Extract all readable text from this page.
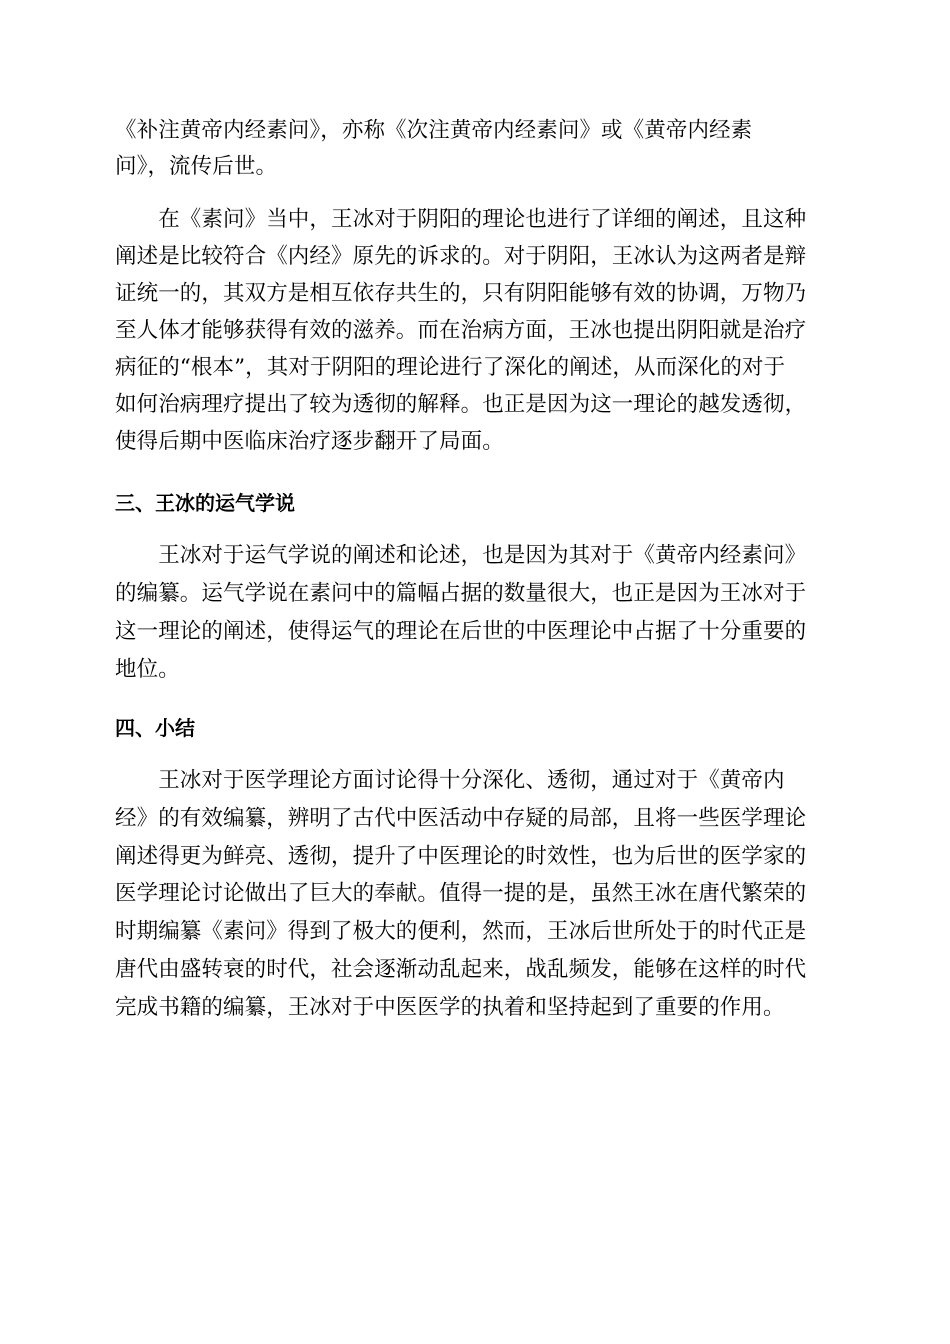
《补注黄帝内经素问》，亦称《次注黄帝内经素问》或《黄帝内经素
问》，流传后世。
　　在《素问》当中，王冰对于阴阳的理论也进行了详细的阐述，且这种
阐述是比较符合《内经》原先的诉求的。对于阴阳，王冰认为这两者是辩
证统一的，其双方是相互依存共生的，只有阴阳能够有效的协调，万物乃
至人体才能够获得有效的滋养。而在治病方面，王冰也提出阴阳就是治疗
病征的“根本”，其对于阴阳的理论进行了深化的阐述，从而深化的对于
如何治病理疗提出了较为透彻的解释。也正是因为这一理论的越发透彻，
使得后期中医临床治疗逐步翻开了局面。
三、王冰的运气学说
　　王冰对于运气学说的阐述和论述，也是因为其对于《黄帝内经素问》
的编纂。运气学说在素问中的篇幅占据的数量很大，也正是因为王冰对于
这一理论的阐述，使得运气的理论在后世的中医理论中占据了十分重要的
地位。
四、小结
　　王冰对于医学理论方面讨论得十分深化、透彻，通过对于《黄帝内
经》的有效编纂，辨明了古代中医活动中存疑的局部，且将一些医学理论
阐述得更为鲜亮、透彻，提升了中医理论的时效性，也为后世的医学家的
医学理论讨论做出了巨大的奉献。值得一提的是，虽然王冰在唐代繁荣的
时期编纂《素问》得到了极大的便利，然而，王冰后世所处于的时代正是
唐代由盛转衰的时代，社会逐渐动乱起来，战乱频发，能够在这样的时代
完成书籍的编纂，王冰对于中医医学的执着和坚持起到了重要的作用。
